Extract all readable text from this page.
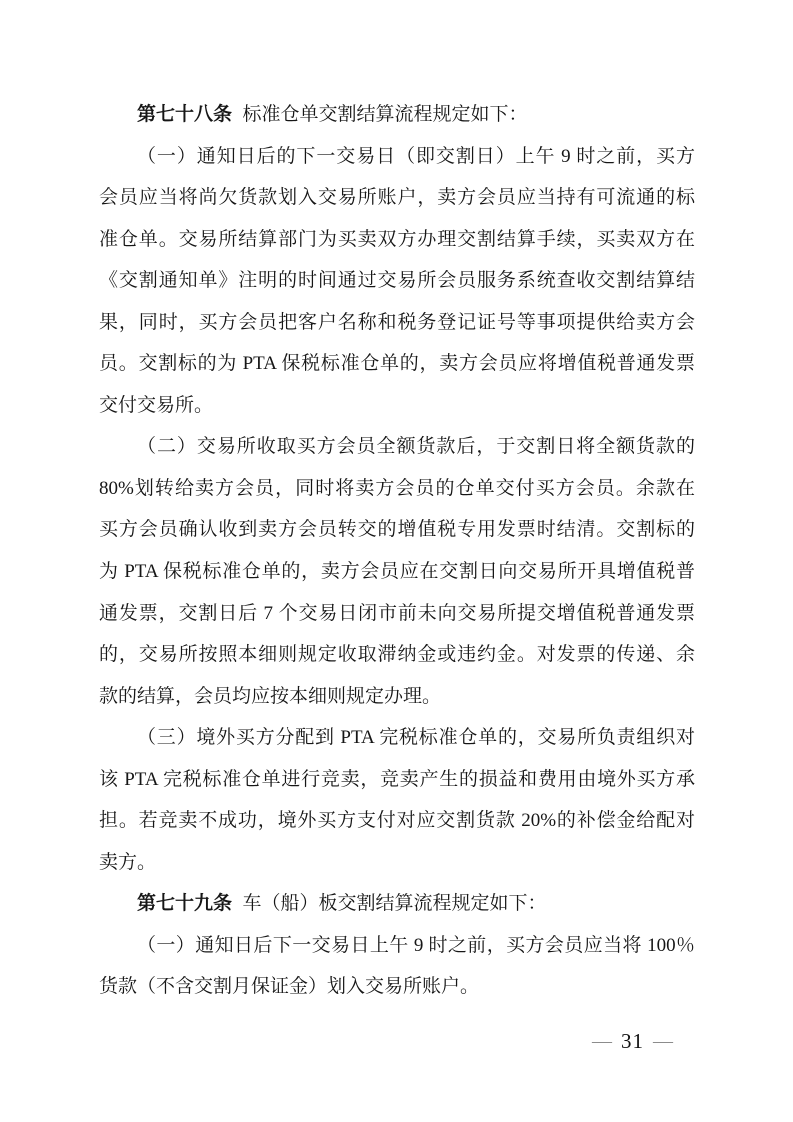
第七十八条 标准仓单交割结算流程规定如下：
（一）通知日后的下一交易日（即交割日）上午 9 时之前，买方
会员应当将尚欠货款划入交易所账户，卖方会员应当持有可流通的标
准仓单。交易所结算部门为买卖双方办理交割结算手续，买卖双方在
《交割通知单》注明的时间通过交易所会员服务系统查收交割结算结
果，同时，买方会员把客户名称和税务登记证号等事项提供给卖方会
员。交割标的为 PTA 保税标准仓单的，卖方会员应将增值税普通发票
交付交易所。
（二）交易所收取买方会员全额货款后，于交割日将全额货款的
80%划转给卖方会员，同时将卖方会员的仓单交付买方会员。余款在
买方会员确认收到卖方会员转交的增值税专用发票时结清。交割标的
为 PTA 保税标准仓单的，卖方会员应在交割日向交易所开具增值税普
通发票，交割日后 7 个交易日闭市前未向交易所提交增值税普通发票
的，交易所按照本细则规定收取滞纳金或违约金。对发票的传递、余
款的结算，会员均应按本细则规定办理。
（三）境外买方分配到 PTA 完税标准仓单的，交易所负责组织对
该 PTA 完税标准仓单进行竞卖，竞卖产生的损益和费用由境外买方承
担。若竞卖不成功，境外买方支付对应交割货款 20%的补偿金给配对
卖方。
第七十九条 车（船）板交割结算流程规定如下：
（一）通知日后下一交易日上午 9 时之前，买方会员应当将 100％
货款（不含交割月保证金）划入交易所账户。
— 31 —
